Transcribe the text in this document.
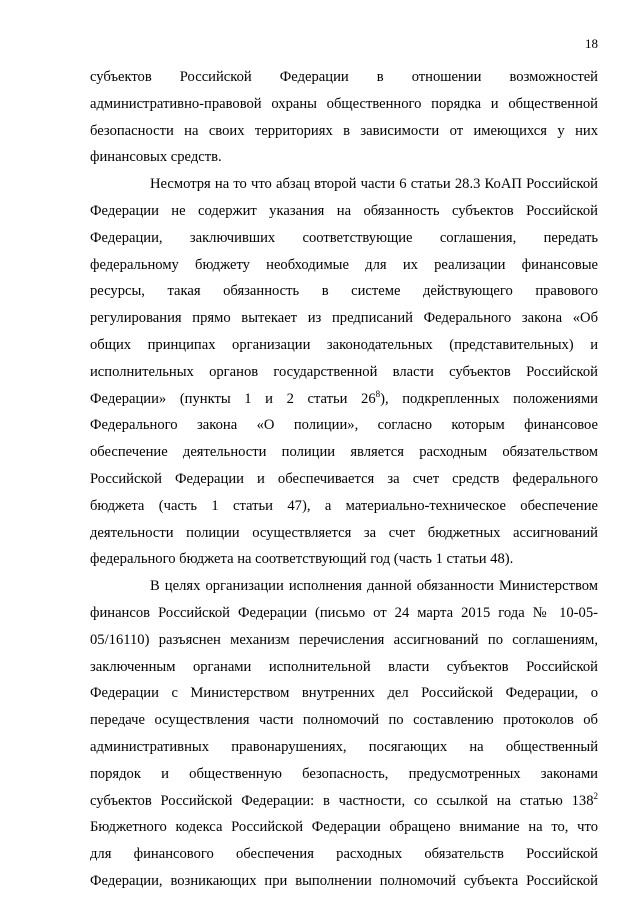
18
субъектов Российской Федерации в отношении возможностей
административно-правовой охраны общественного порядка и общественной
безопасности на своих территориях в зависимости от имеющихся у них
финансовых средств.
Несмотря на то что абзац второй части 6 статьи 28.3 КоАП Российской
Федерации не содержит указания на обязанность субъектов Российской
Федерации, заключивших соответствующие соглашения, передать
федеральному бюджету необходимые для их реализации финансовые
ресурсы, такая обязанность в системе действующего правового
регулирования прямо вытекает из предписаний Федерального закона «Об
общих принципах организации законодательных (представительных) и
исполнительных органов государственной власти субъектов Российской
Федерации» (пункты 1 и 2 статьи $26^8$), подкрепленных положениями
Федерального закона «О полиции», согласно которым финансовое
обеспечение деятельности полиции является расходным обязательством
Российской Федерации и обеспечивается за счет средств федерального
бюджета (часть 1 статьи 47), а материально-техническое обеспечение
деятельности полиции осуществляется за счет бюджетных ассигнований
федерального бюджета на соответствующий год (часть 1 статьи 48).
В целях организации исполнения данной обязанности Министерством
финансов Российской Федерации (письмо от 24 марта 2015 года № 10-05-
05/16110) разъяснен механизм перечисления ассигнований по соглашениям,
заключенным органами исполнительной власти субъектов Российской
Федерации с Министерством внутренних дел Российской Федерации, о
передаче осуществления части полномочий по составлению протоколов об
административных правонарушениях, посягающих на общественный
порядок и общественную безопасность, предусмотренных законами
субъектов Российской Федерации: в частности, со ссылкой на статью $138^2$
Бюджетного кодекса Российской Федерации обращено внимание на то, что
для финансового обеспечения расходных обязательств Российской
Федерации, возникающих при выполнении полномочий субъекта Российской
